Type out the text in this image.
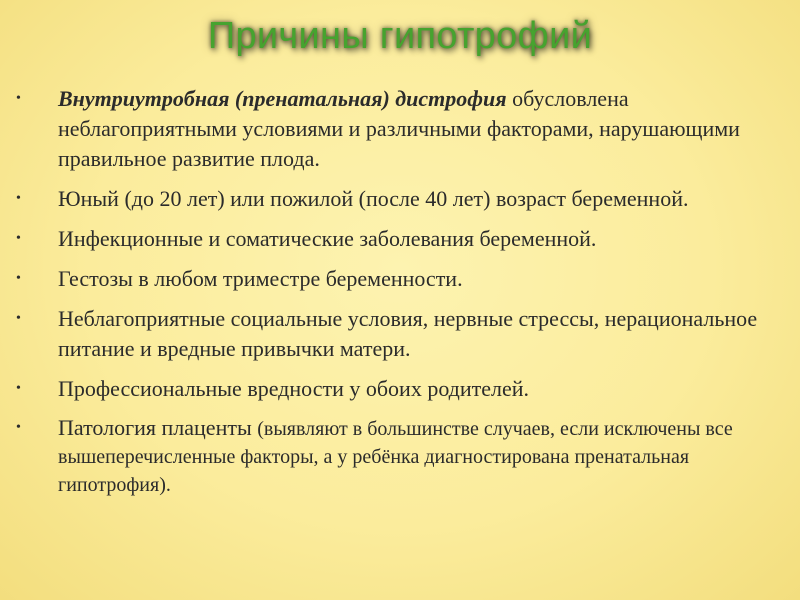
Причины гипотрофий
• Внутриутробная (пренатальная) дистрофия обусловлена неблагоприятными условиями и различными факторами, нарушающими правильное развитие плода.
• Юный (до 20 лет) или пожилой (после 40 лет) возраст беременной.
• Инфекционные и соматические заболевания беременной.
• Гестозы в любом триместре беременности.
• Неблагоприятные социальные условия, нервные стрессы, нерациональное питание и вредные привычки матери.
• Профессиональные вредности у обоих родителей.
• Патология плаценты (выявляют в большинстве случаев, если исключены все вышеперечисленные факторы, а у ребёнка диагностирована пренатальная гипотрофия).
